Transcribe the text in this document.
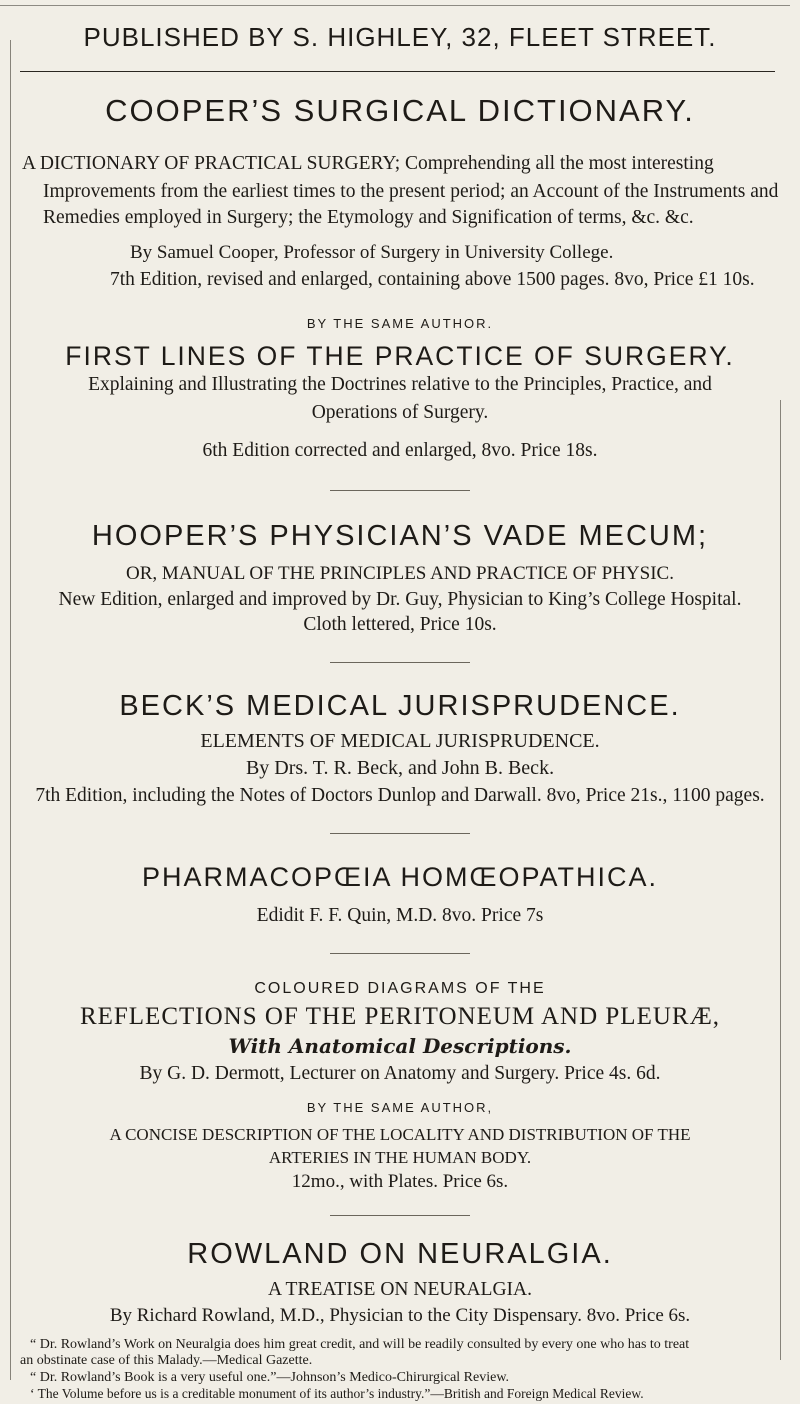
PUBLISHED BY S. HIGHLEY, 32, FLEET STREET.
COOPER’S SURGICAL DICTIONARY.
A DICTIONARY OF PRACTICAL SURGERY; Comprehending all the most interesting
Improvements from the earliest times to the present period; an Account of the Instruments and
Remedies employed in Surgery; the Etymology and Signification of terms, &c. &c.
By Samuel Cooper, Professor of Surgery in University College.
7th Edition, revised and enlarged, containing above 1500 pages. 8vo, Price £1 10s.
BY THE SAME AUTHOR.
FIRST LINES OF THE PRACTICE OF SURGERY.
Explaining and Illustrating the Doctrines relative to the Principles, Practice, and
Operations of Surgery.
6th Edition corrected and enlarged, 8vo. Price 18s.
HOOPER’S PHYSICIAN’S VADE MECUM;
OR, MANUAL OF THE PRINCIPLES AND PRACTICE OF PHYSIC.
New Edition, enlarged and improved by Dr. Guy, Physician to King’s College Hospital.
Cloth lettered, Price 10s.
BECK’S MEDICAL JURISPRUDENCE.
ELEMENTS OF MEDICAL JURISPRUDENCE.
By Drs. T. R. Beck, and John B. Beck.
7th Edition, including the Notes of Doctors Dunlop and Darwall. 8vo, Price 21s., 1100 pages.
PHARMACOPŒIA HOMŒOPATHICA.
Edidit F. F. Quin, M.D. 8vo. Price 7s
COLOURED DIAGRAMS OF THE
REFLECTIONS OF THE PERITONEUM AND PLEURÆ,
With Anatomical Descriptions.
By G. D. Dermott, Lecturer on Anatomy and Surgery. Price 4s. 6d.
BY THE SAME AUTHOR,
A CONCISE DESCRIPTION OF THE LOCALITY AND DISTRIBUTION OF THE
ARTERIES IN THE HUMAN BODY.
12mo., with Plates. Price 6s.
ROWLAND ON NEURALGIA.
A TREATISE ON NEURALGIA.
By Richard Rowland, M.D., Physician to the City Dispensary. 8vo. Price 6s.
“ Dr. Rowland’s Work on Neuralgia does him great credit, and will be readily consulted by every one who has to treat
an obstinate case of this Malady.—Medical Gazette.
“ Dr. Rowland’s Book is a very useful one.”—Johnson’s Medico-Chirurgical Review.
‘ The Volume before us is a creditable monument of its author’s industry.”—British and Foreign Medical Review.
